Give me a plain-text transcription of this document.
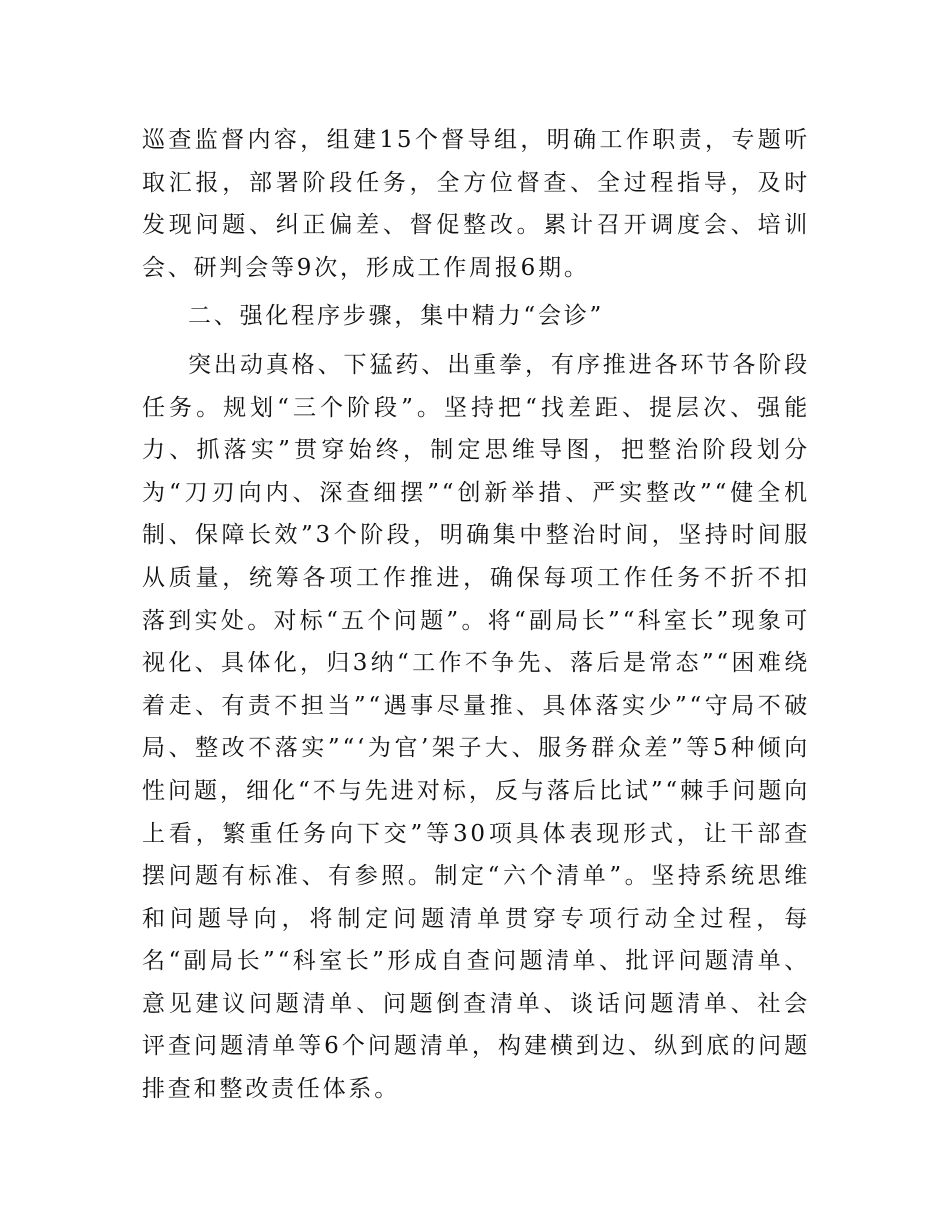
巡查监督内容，组建15个督导组，明确工作职责，专题听取汇报，部署阶段任务，全方位督查、全过程指导，及时发现问题、纠正偏差、督促整改。累计召开调度会、培训会、研判会等9次，形成工作周报6期。

二、强化程序步骤，集中精力“会诊”

突出动真格、下猛药、出重拳，有序推进各环节各阶段任务。规划“三个阶段”。坚持把“找差距、提层次、强能力、抓落实”贯穿始终，制定思维导图，把整治阶段划分为“刀刃向内、深查细摆”“创新举措、严实整改”“健全机制、保障长效”3个阶段，明确集中整治时间，坚持时间服从质量，统筹各项工作推进，确保每项工作任务不折不扣落到实处。对标“五个问题”。将“副局长”“科室长”现象可视化、具体化，归3纳“工作不争先、落后是常态”“困难绕着走、有责不担当”“遇事尽量推、具体落实少”“守局不破局、整改不落实”“‘为官’架子大、服务群众差”等5种倾向性问题，细化“不与先进对标，反与落后比试”“棘手问题向上看，繁重任务向下交”等30项具体表现形式，让干部查摆问题有标准、有参照。制定“六个清单”。坚持系统思维和问题导向，将制定问题清单贯穿专项行动全过程，每名“副局长”“科室长”形成自查问题清单、批评问题清单、意见建议问题清单、问题倒查清单、谈话问题清单、社会评查问题清单等6个问题清单，构建横到边、纵到底的问题排查和整改责任体系。
